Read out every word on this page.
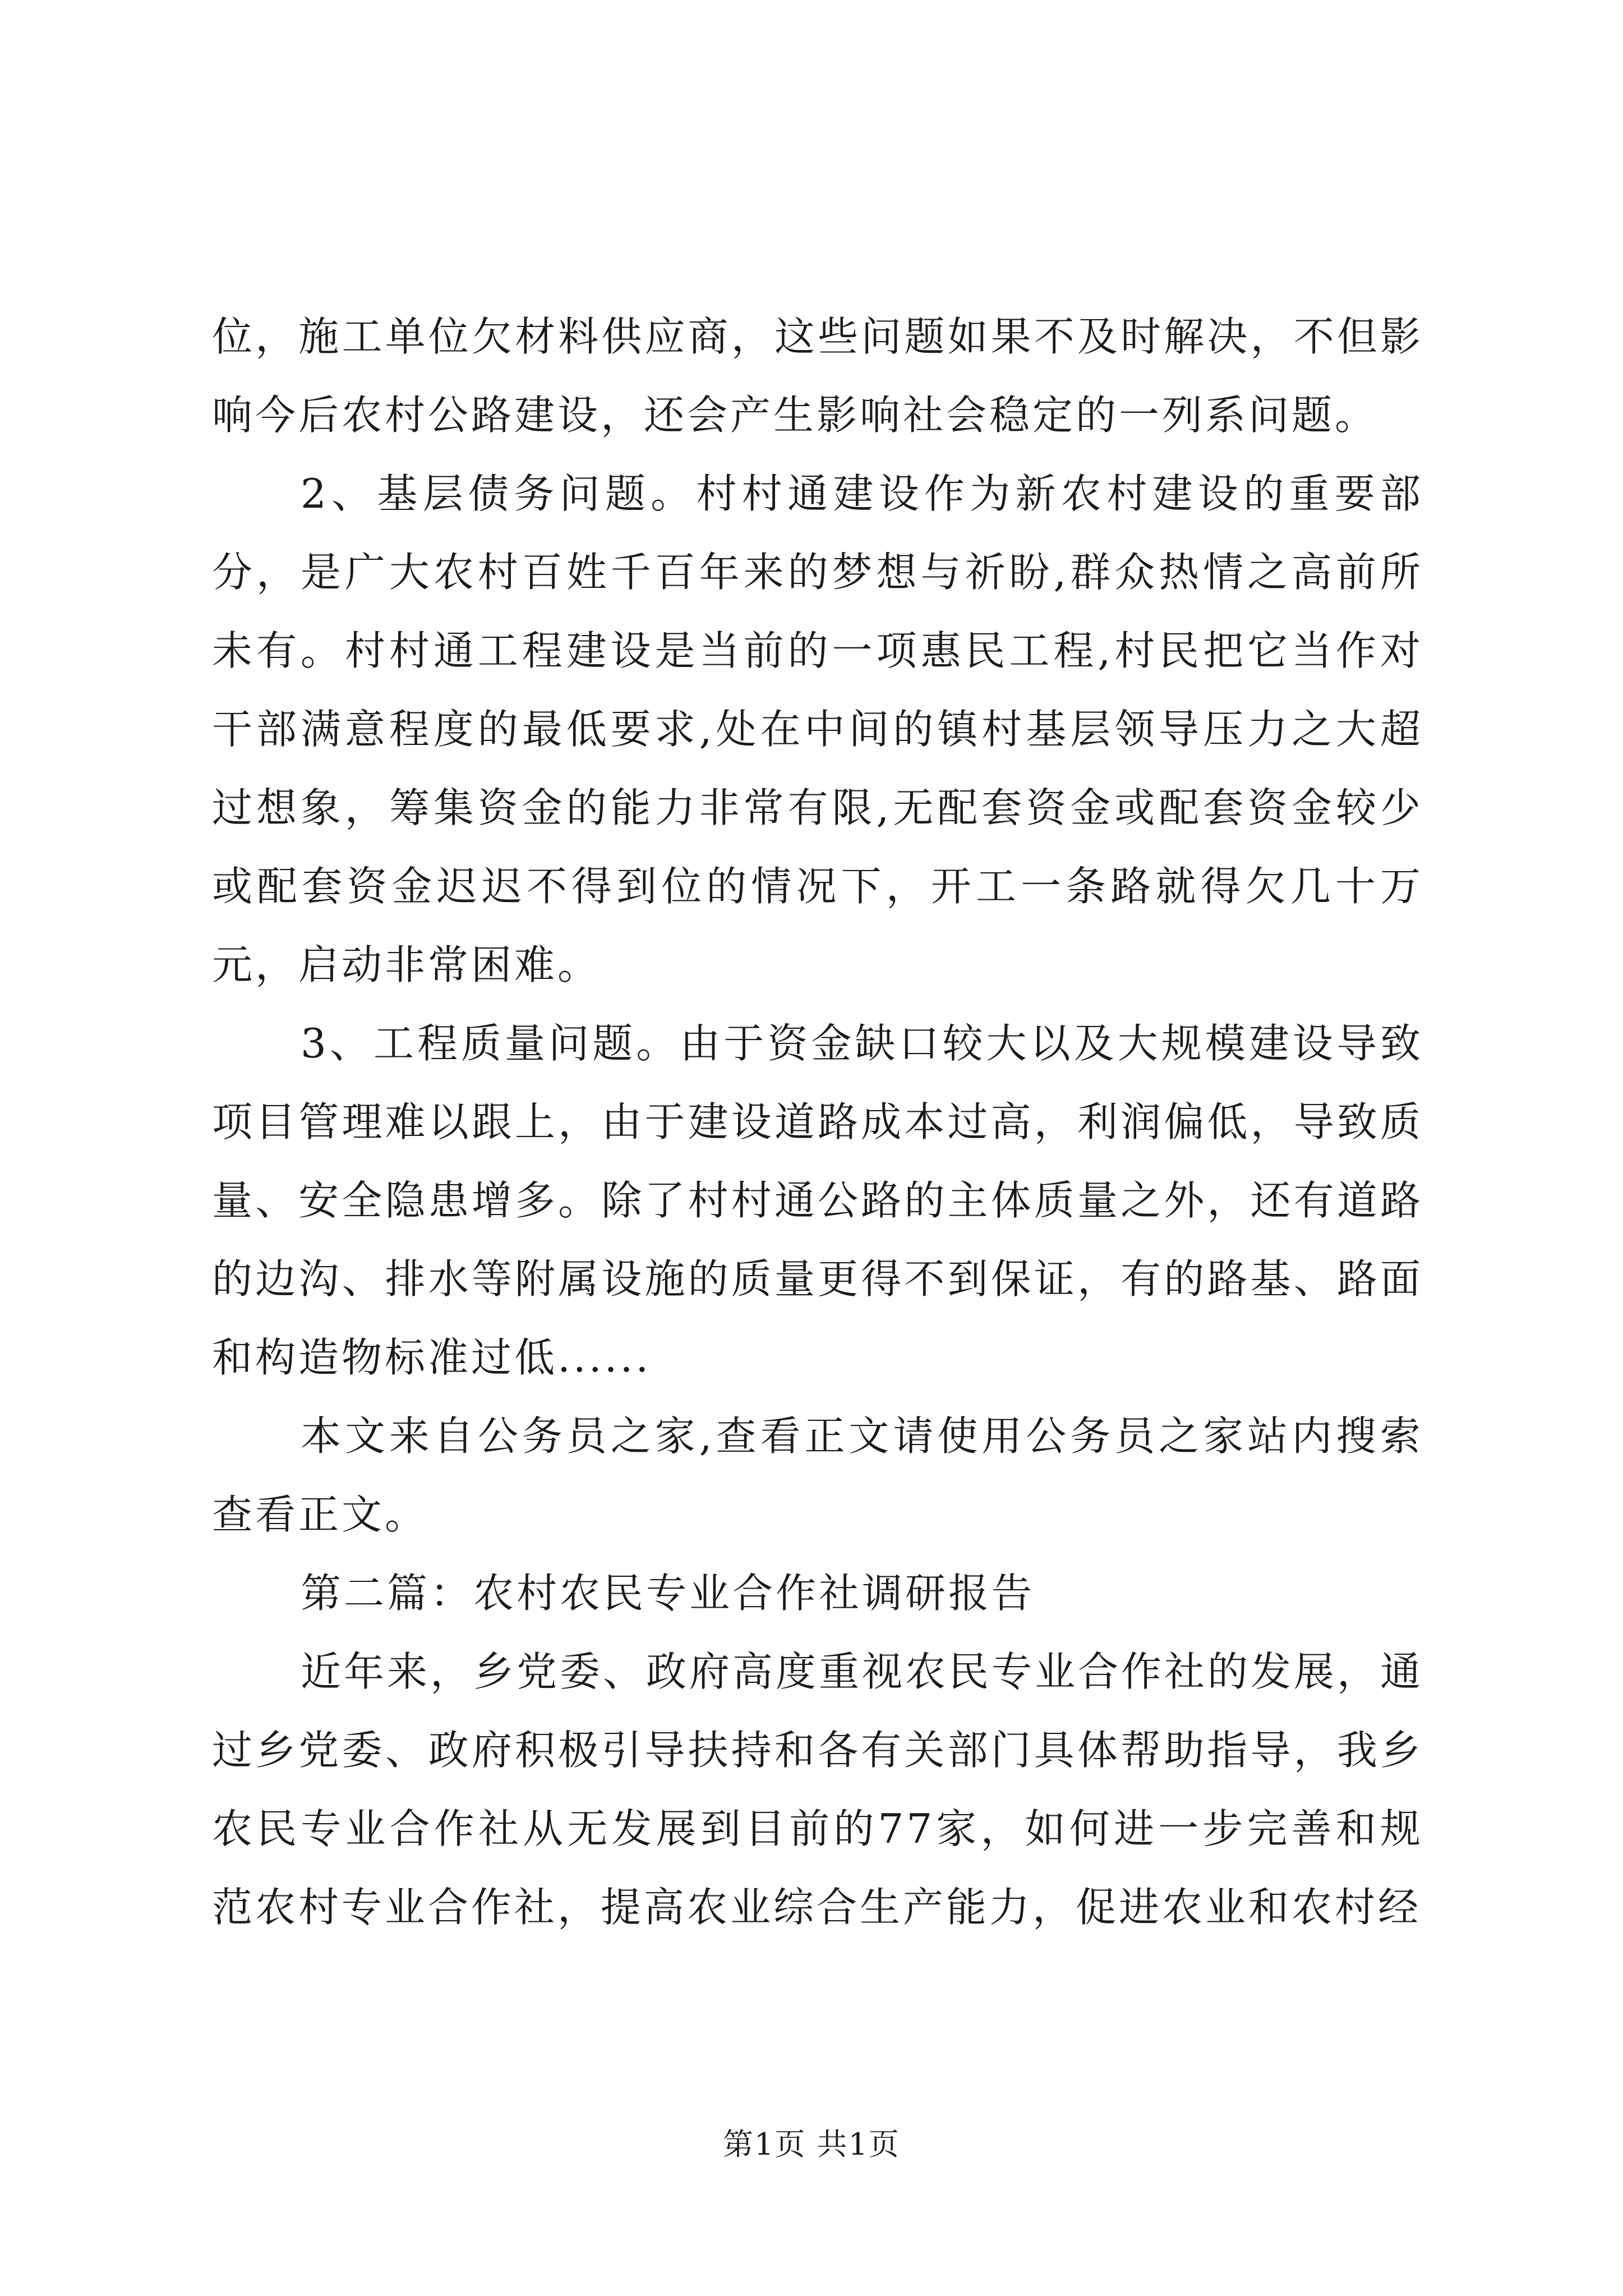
位，施工单位欠材料供应商，这些问题如果不及时解决，不但影响今后农村公路建设，还会产生影响社会稳定的一列系问题。

2、基层债务问题。村村通建设作为新农村建设的重要部分，是广大农村百姓千百年来的梦想与祈盼,群众热情之高前所未有。村村通工程建设是当前的一项惠民工程,村民把它当作对干部满意程度的最低要求,处在中间的镇村基层领导压力之大超过想象，筹集资金的能力非常有限,无配套资金或配套资金较少或配套资金迟迟不得到位的情况下，开工一条路就得欠几十万元，启动非常困难。

3、工程质量问题。由于资金缺口较大以及大规模建设导致项目管理难以跟上，由于建设道路成本过高，利润偏低，导致质量、安全隐患增多。除了村村通公路的主体质量之外，还有道路的边沟、排水等附属设施的质量更得不到保证，有的路基、路面和构造物标准过低......

本文来自公务员之家,查看正文请使用公务员之家站内搜索查看正文。

第二篇：农村农民专业合作社调研报告

近年来，乡党委、政府高度重视农民专业合作社的发展，通过乡党委、政府积极引导扶持和各有关部门具体帮助指导，我乡农民专业合作社从无发展到目前的77家，如何进一步完善和规范农村专业合作社，提高农业综合生产能力，促进农业和农村经

第1页 共1页
